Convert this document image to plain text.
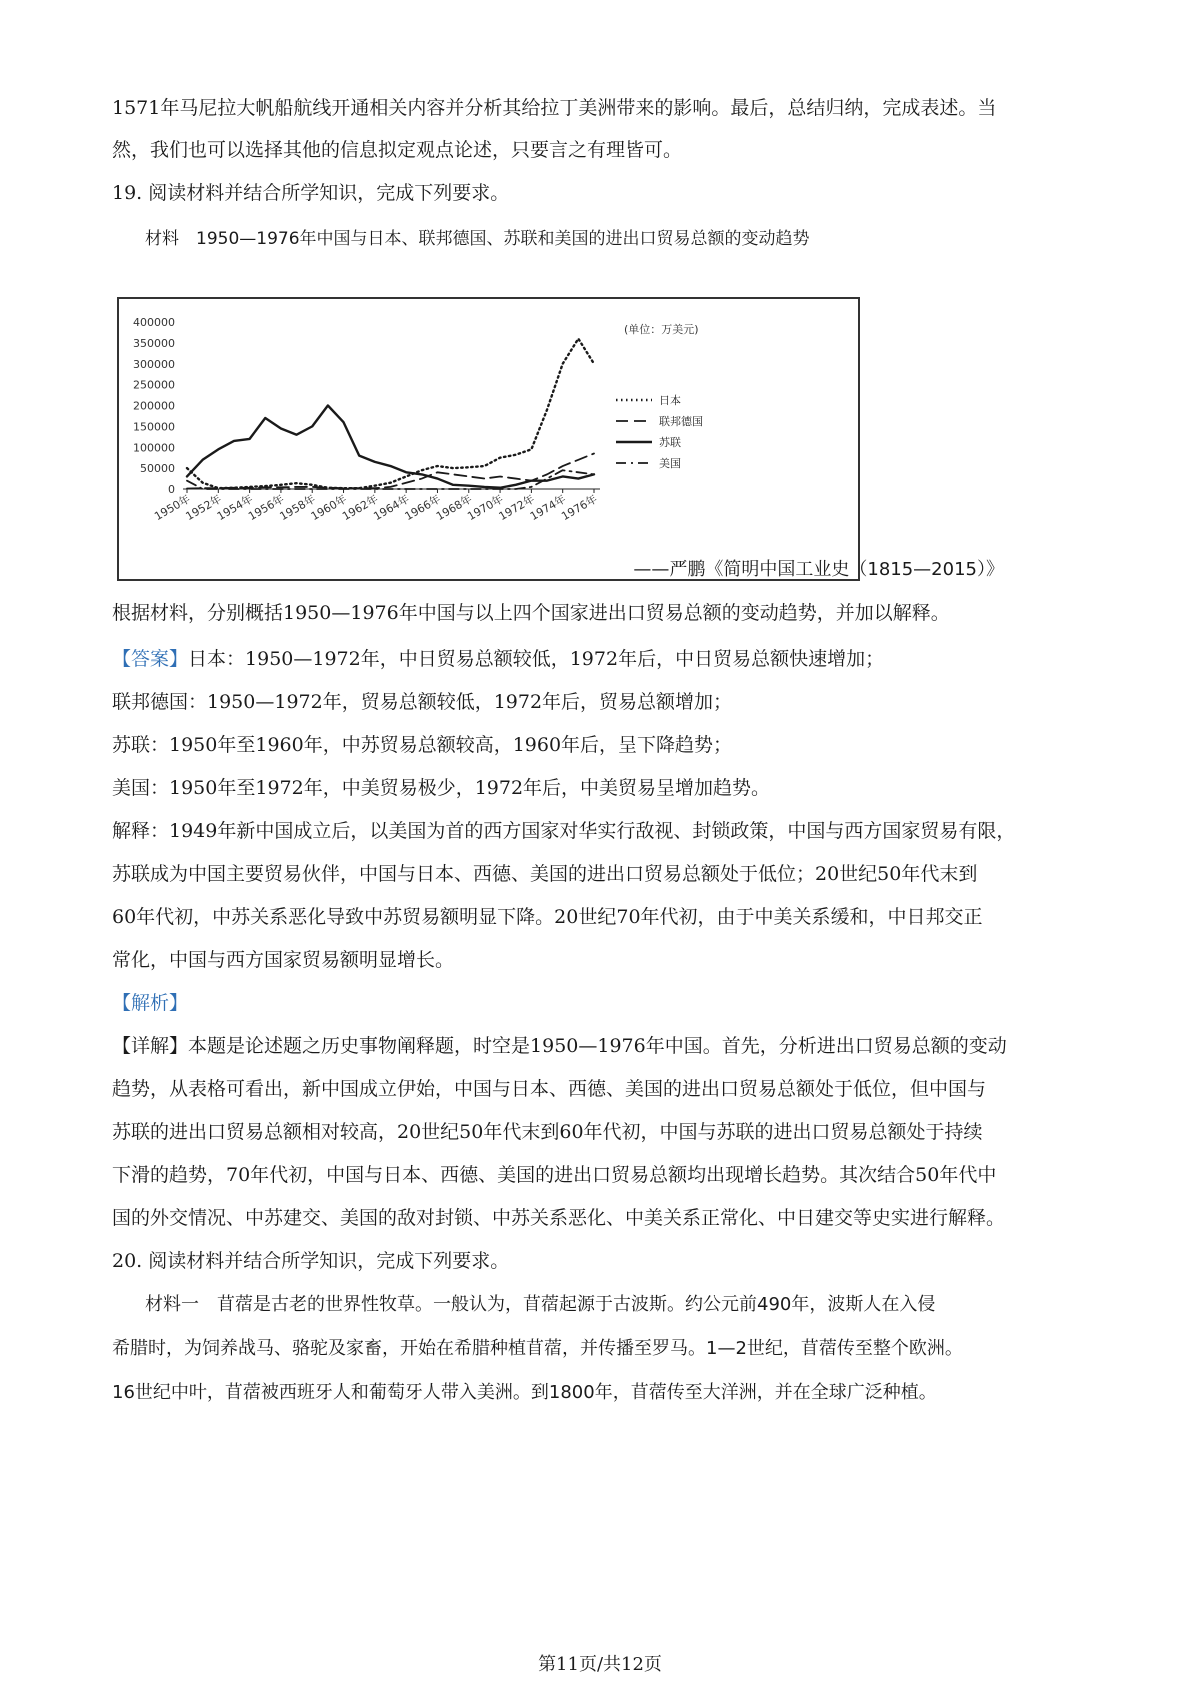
1571年马尼拉大帆船航线开通相关内容并分析其给拉丁美洲带来的影响。最后，总结归纳，完成表述。当
然，我们也可以选择其他的信息拟定观点论述，只要言之有理皆可。
19. 阅读材料并结合所学知识，完成下列要求。
材料　1950—1976年中国与日本、联邦德国、苏联和美国的进出口贸易总额的变动趋势
400000
350000
300000
250000
200000
150000
100000
50000
0
1950年
1952年
1954年
1956年
1958年
1960年
1962年
1964年
1966年
1968年
1970年
1972年
1974年
1976年
(单位：万美元)
日本
联邦德国
苏联
美国
——严鹏《简明中国工业史（1815—2015）》
根据材料，分别概括1950—1976年中国与以上四个国家进出口贸易总额的变动趋势，并加以解释。
【答案】日本：1950—1972年，中日贸易总额较低，1972年后，中日贸易总额快速增加；
联邦德国：1950—1972年，贸易总额较低，1972年后，贸易总额增加；
苏联：1950年至1960年，中苏贸易总额较高，1960年后，呈下降趋势；
美国：1950年至1972年，中美贸易极少，1972年后，中美贸易呈增加趋势。
解释：1949年新中国成立后，以美国为首的西方国家对华实行敌视、封锁政策，中国与西方国家贸易有限，
苏联成为中国主要贸易伙伴，中国与日本、西德、美国的进出口贸易总额处于低位；20世纪50年代末到
60年代初，中苏关系恶化导致中苏贸易额明显下降。20世纪70年代初，由于中美关系缓和，中日邦交正
常化，中国与西方国家贸易额明显增长。
【解析】
【详解】本题是论述题之历史事物阐释题，时空是1950—1976年中国。首先，分析进出口贸易总额的变动
趋势，从表格可看出，新中国成立伊始，中国与日本、西德、美国的进出口贸易总额处于低位，但中国与
苏联的进出口贸易总额相对较高，20世纪50年代末到60年代初，中国与苏联的进出口贸易总额处于持续
下滑的趋势，70年代初，中国与日本、西德、美国的进出口贸易总额均出现增长趋势。其次结合50年代中
国的外交情况、中苏建交、美国的敌对封锁、中苏关系恶化、中美关系正常化、中日建交等史实进行解释。
20. 阅读材料并结合所学知识，完成下列要求。
材料一　苜蓿是古老的世界性牧草。一般认为，苜蓿起源于古波斯。约公元前490年，波斯人在入侵
希腊时，为饲养战马、骆驼及家畜，开始在希腊种植苜蓿，并传播至罗马。1—2世纪，苜蓿传至整个欧洲。
16世纪中叶，苜蓿被西班牙人和葡萄牙人带入美洲。到1800年，苜蓿传至大洋洲，并在全球广泛种植。
第11页/共12页
